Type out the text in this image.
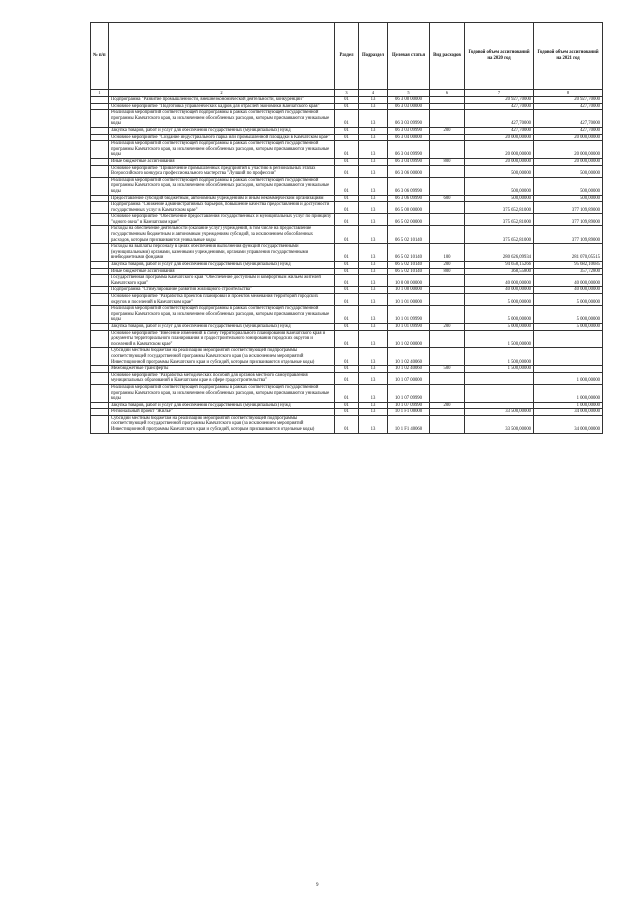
№ п/п		Раздел	Подраздел	Целевая статья	Вид расходов	Годовой объем ассигнований на 2020 год	Годовой объем ассигнований на 2021 год
1	2	3	4	5	6	7	8
	Подпрограмма "Развитие промышленности, внешнеэкономической деятельности, конкуренции"	01	13	06 3 00 00000		20 927,70000	20 927,70000
	Основное мероприятие "Подготовка управленческих кадров для отраслей экономики Камчатского края"	01	13	06 3 03 00000		427,70000	427,70000
	Реализация мероприятий соответствующей подпрограммы в рамках соответствующей государственной программы Камчатского края, за исключением обособленных расходов, которым присваиваются уникальные коды	01	13	06 3 03 09990		427,70000	427,70000
	Закупка товаров, работ и услуг для обеспечения государственных (муниципальных) нужд	01	13	06 3 03 09990	200	427,70000	427,70000
	Основное мероприятие "Создание индустриального парка или промышленной площадки в Камчатском крае"	01	13	06 3 04 00000		20 000,00000	20 000,00000
	Реализация мероприятий соответствующей подпрограммы в рамках соответствующей государственной программы Камчатского края, за исключением обособленных расходов, которым присваиваются уникальные коды	01	13	06 3 04 09990		20 000,00000	20 000,00000
	Иные бюджетные ассигнования	01	13	06 3 04 09990	800	20 000,00000	20 000,00000
	Основное мероприятие "Привлечение промышленных предприятий к участию в региональных этапах Всероссийского конкурса профессионального мастерства "Лучший по профессии"	01	13	06 3 06 00000		500,00000	500,00000
	Реализация мероприятий соответствующей подпрограммы в рамках соответствующей государственной программы Камчатского края, за исключением обособленных расходов, которым присваиваются уникальные коды	01	13	06 3 06 09990		500,00000	500,00000
	Предоставление субсидий бюджетным, автономным учреждениям и иным некоммерческим организациям	01	13	06 3 06 09990	600	500,00000	500,00000
	Подпрограмма "Снижение административных барьеров, повышение качества предоставления и доступности государственных услуг в Камчатском крае"	01	13	06 5 00 00000		375 652,81000	377 109,89000
	Основное мероприятие "Обеспечение предоставления государственных и муниципальных услуг по принципу "одного окна" в Камчатском крае"	01	13	06 5 02 00000		375 652,81000	377 109,89000
	Расходы на обеспечение деятельности (оказание услуг) учреждений, в том числе на предоставление государственным бюджетным и автономным учреждениям субсидий, за исключением обособленных расходов, которым присваиваются уникальные коды	01	13	06 5 02 10140		375 652,81000	377 109,89000
	Расходы на выплаты персоналу в целях обеспечения выполнения функций государственными (муниципальными) органами, казенными учреждениями, органами управления государственными внебюджетными фондами	01	13	06 5 02 10140	100	280 626,09934	281 070,05515
	Закупка товаров, работ и услуг для обеспечения государственных (муниципальных) нужд	01	13	06 5 02 10140	200	94 658,15266	95 682,10685
	Иные бюджетные ассигнования	01	13	06 5 02 10140	800	368,55800	357,72800
	Государственная программа Камчатского края "Обеспечение доступным и комфортным жильем жителей Камчатского края"	01	13	10 0 00 00000		40 000,00000	40 000,00000
	Подпрограмма "Стимулирование развития жилищного строительства"	01	13	10 1 00 00000		40 000,00000	40 000,00000
	Основное мероприятие "Разработка проектов планировки и проектов межевания территорий городских округов и поселений в Камчатском крае"	01	13	10 1 01 00000		5 000,00000	5 000,00000
	Реализация мероприятий соответствующей подпрограммы в рамках соответствующей государственной программы Камчатского края, за исключением обособленных расходов, которым присваиваются уникальные коды	01	13	10 1 01 09990		5 000,00000	5 000,00000
	Закупка товаров, работ и услуг для обеспечения государственных (муниципальных) нужд	01	13	10 1 01 09990	200	5 000,00000	5 000,00000
	Основное мероприятие "Внесение изменений в схему территориального планирования Камчатского края и документы территориального планирования и градостроительного зонирования городских округов и поселений в Камчатском крае"	01	13	10 1 02 00000		1 500,00000	
	Субсидии местным бюджетам на реализацию мероприятий соответствующей подпрограммы соответствующей государственной программы Камчатского края (за исключением мероприятий Инвестиционной программы Камчатского края и субсидий, которым присваиваются отдельные коды)	01	13	10 1 02 40060		1 500,00000	
	Межбюджетные трансферты	01	13	10 1 02 40060	500	1 500,00000	
	Основное мероприятие "Разработка методических пособий для органов местного самоуправления муниципальных образований в Камчатском крае в сфере градостроительства"	01	13	10 1 07 00000			1 000,00000
	Реализация мероприятий соответствующей подпрограммы в рамках соответствующей государственной программы Камчатского края, за исключением обособленных расходов, которым присваиваются уникальные коды	01	13	10 1 07 09990			1 000,00000
	Закупка товаров, работ и услуг для обеспечения государственных (муниципальных) нужд	01	13	10 1 07 09990	200		1 000,00000
	Региональный проект "Жилье"	01	13	10 1 F1 00000		33 500,00000	34 000,00000
	Субсидии местным бюджетам на реализацию мероприятий соответствующей подпрограммы соответствующей государственной программы Камчатского края (за исключением мероприятий Инвестиционной программы Камчатского края и субсидий, которым присваиваются отдельные коды)	01	13	10 1 F1 40060		33 500,00000	34 000,00000
9
